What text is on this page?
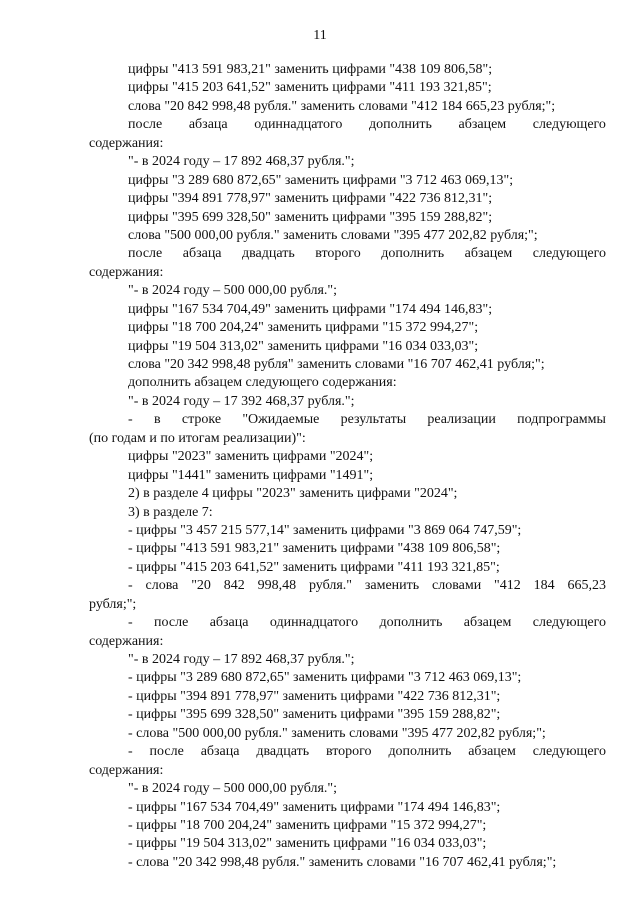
11
цифры "413 591 983,21" заменить цифрами "438 109 806,58";
цифры "415 203 641,52" заменить цифрами "411 193 321,85";
слова "20 842 998,48 рубля." заменить словами "412 184 665,23 рубля;";
после абзаца одиннадцатого дополнить абзацем следующего
содержания:
"- в 2024 году – 17 892 468,37 рубля.";
цифры "3 289 680 872,65" заменить цифрами "3 712 463 069,13";
цифры "394 891 778,97" заменить цифрами "422 736 812,31";
цифры "395 699 328,50" заменить цифрами "395 159 288,82";
слова "500 000,00 рубля." заменить словами "395 477 202,82 рубля;";
после абзаца двадцать второго дополнить абзацем следующего
содержания:
"- в 2024 году – 500 000,00 рубля.";
цифры "167 534 704,49" заменить цифрами "174 494 146,83";
цифры "18 700 204,24" заменить цифрами "15 372 994,27";
цифры "19 504 313,02" заменить цифрами "16 034 033,03";
слова "20 342 998,48 рубля" заменить словами "16 707 462,41 рубля;";
дополнить абзацем следующего содержания:
"- в 2024 году – 17 392 468,37 рубля.";
- в строке "Ожидаемые результаты реализации подпрограммы
(по годам и по итогам реализации)":
цифры "2023" заменить цифрами "2024";
цифры "1441" заменить цифрами "1491";
2) в разделе 4 цифры "2023" заменить цифрами "2024";
3) в разделе 7:
- цифры "3 457 215 577,14" заменить цифрами "3 869 064 747,59";
- цифры "413 591 983,21" заменить цифрами "438 109 806,58";
- цифры "415 203 641,52" заменить цифрами "411 193 321,85";
- слова "20 842 998,48 рубля." заменить словами "412 184 665,23
рубля;";
- после абзаца одиннадцатого дополнить абзацем следующего
содержания:
"- в 2024 году – 17 892 468,37 рубля.";
- цифры "3 289 680 872,65" заменить цифрами "3 712 463 069,13";
- цифры "394 891 778,97" заменить цифрами "422 736 812,31";
- цифры "395 699 328,50" заменить цифрами "395 159 288,82";
- слова "500 000,00 рубля." заменить словами "395 477 202,82 рубля;";
- после абзаца двадцать второго дополнить абзацем следующего
содержания:
"- в 2024 году – 500 000,00 рубля.";
- цифры "167 534 704,49" заменить цифрами "174 494 146,83";
- цифры "18 700 204,24" заменить цифрами "15 372 994,27";
- цифры "19 504 313,02" заменить цифрами "16 034 033,03";
- слова "20 342 998,48 рубля." заменить словами "16 707 462,41 рубля;";
